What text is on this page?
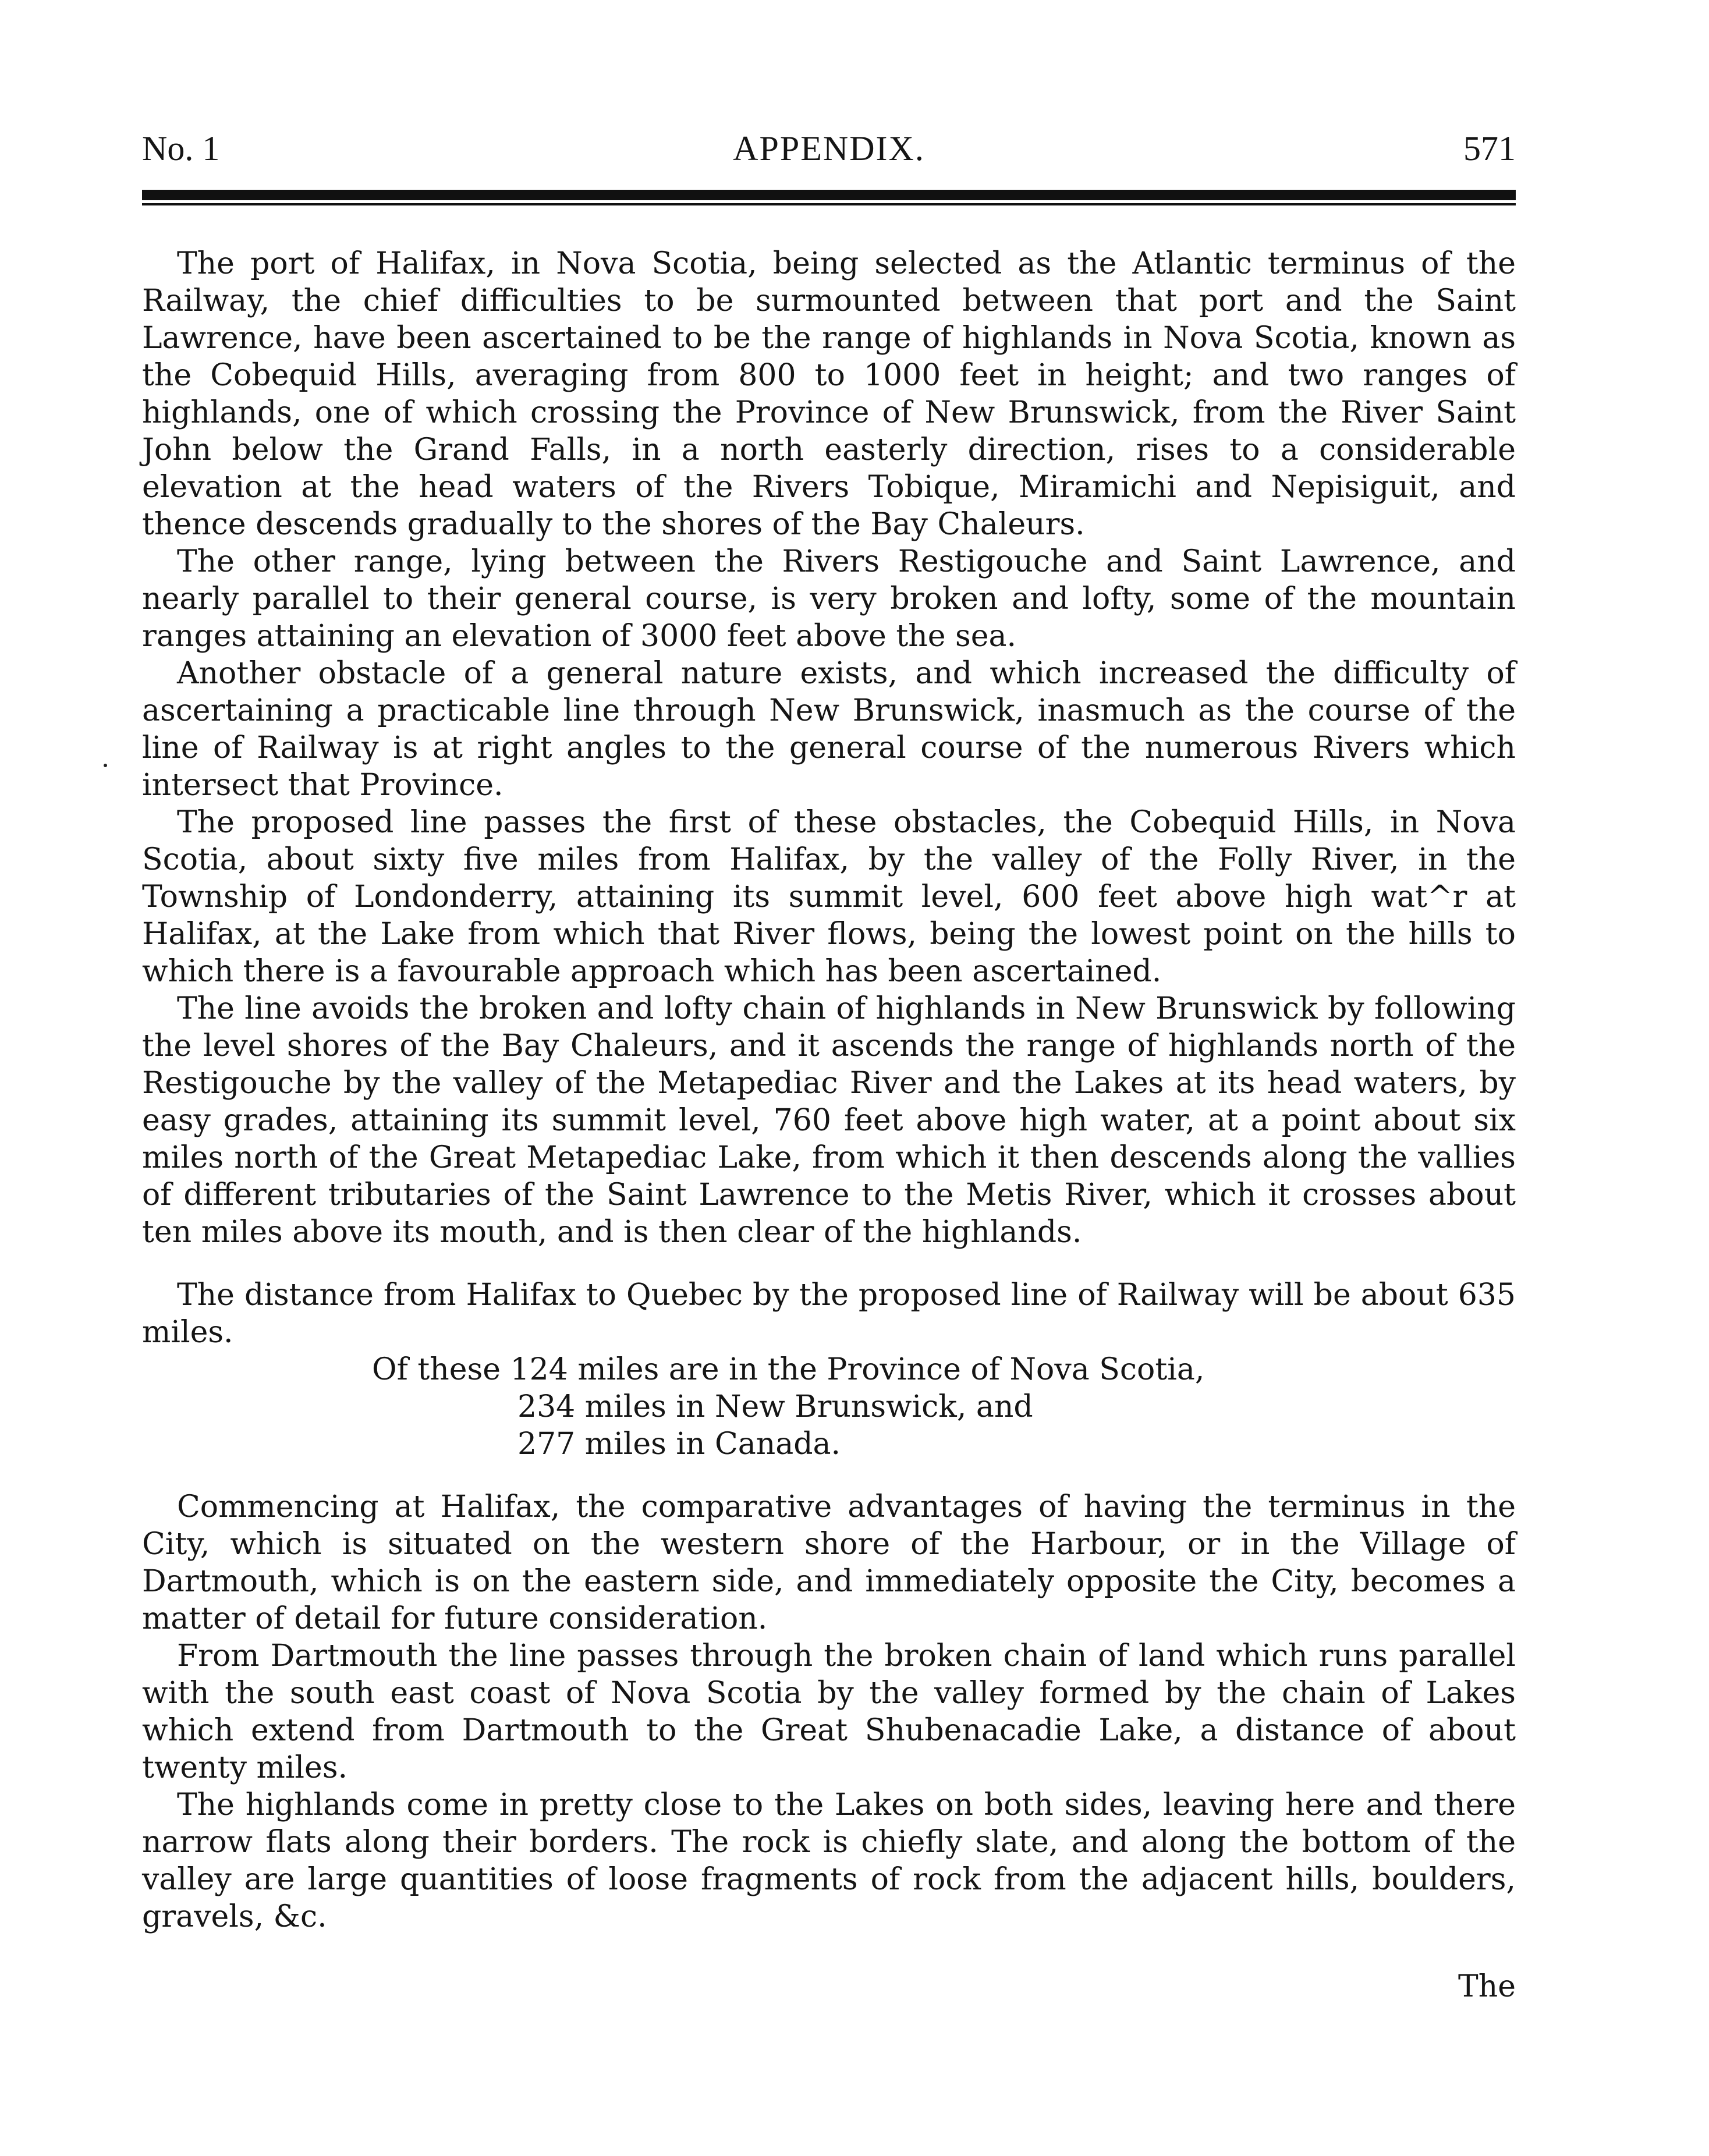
No. 1	APPENDIX.	571

The port of Halifax, in Nova Scotia, being selected as the Atlantic terminus of the Railway, the chief difficulties to be surmounted between that port and the Saint Lawrence, have been ascertained to be the range of highlands in Nova Scotia, known as the Cobequid Hills, averaging from 800 to 1000 feet in height; and two ranges of highlands, one of which crossing the Province of New Brunswick, from the River Saint John below the Grand Falls, in a north easterly direction, rises to a considerable elevation at the head waters of the Rivers Tobique, Miramichi and Nepisiguit, and thence descends gradually to the shores of the Bay Chaleurs.

The other range, lying between the Rivers Restigouche and Saint Lawrence, and nearly parallel to their general course, is very broken and lofty, some of the mountain ranges attaining an elevation of 3000 feet above the sea.

Another obstacle of a general nature exists, and which increased the difficulty of ascertaining a practicable line through New Brunswick, inasmuch as the course of the line of Railway is at right angles to the general course of the numerous Rivers which intersect that Province.

The proposed line passes the first of these obstacles, the Cobequid Hills, in Nova Scotia, about sixty five miles from Halifax, by the valley of the Folly River, in the Township of Londonderry, attaining its summit level, 600 feet above high wat^r at Halifax, at the Lake from which that River flows, being the lowest point on the hills to which there is a favourable approach which has been ascertained.

The line avoids the broken and lofty chain of highlands in New Brunswick by following the level shores of the Bay Chaleurs, and it ascends the range of highlands north of the Restigouche by the valley of the Metapediac River and the Lakes at its head waters, by easy grades, attaining its summit level, 760 feet above high water, at a point about six miles north of the Great Metapediac Lake, from which it then descends along the vallies of different tributaries of the Saint Lawrence to the Metis River, which it crosses about ten miles above its mouth, and is then clear of the highlands.

The distance from Halifax to Quebec by the proposed line of Railway will be about 635 miles.

Of these 124 miles are in the Province of Nova Scotia,
234 miles in New Brunswick, and
277 miles in Canada.

Commencing at Halifax, the comparative advantages of having the terminus in the City, which is situated on the western shore of the Harbour, or in the Village of Dartmouth, which is on the eastern side, and immediately opposite the City, becomes a matter of detail for future consideration.

From Dartmouth the line passes through the broken chain of land which runs parallel with the south east coast of Nova Scotia by the valley formed by the chain of Lakes which extend from Dartmouth to the Great Shubenacadie Lake, a distance of about twenty miles.

The highlands come in pretty close to the Lakes on both sides, leaving here and there narrow flats along their borders. The rock is chiefly slate, and along the bottom of the valley are large quantities of loose fragments of rock from the adjacent hills, boulders, gravels, &c.

The
